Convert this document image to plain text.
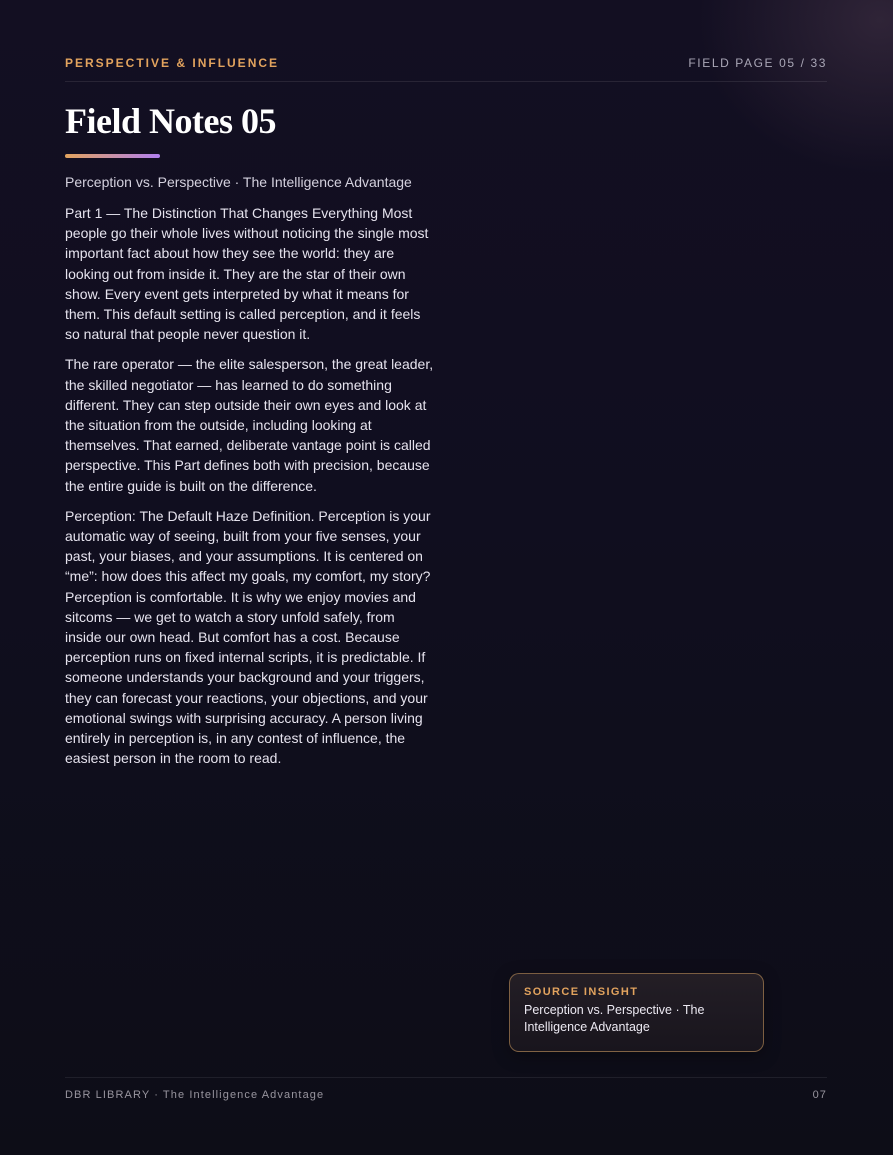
PERSPECTIVE & INFLUENCE	FIELD PAGE 05 / 33
Field Notes 05
Perception vs. Perspective · The Intelligence Advantage

Part 1 — The Distinction That Changes Everything Most people go their whole lives without noticing the single most important fact about how they see the world: they are looking out from inside it. They are the star of their own show. Every event gets interpreted by what it means for them. This default setting is called perception, and it feels so natural that people never question it.

The rare operator — the elite salesperson, the great leader, the skilled negotiator — has learned to do something different. They can step outside their own eyes and look at the situation from the outside, including looking at themselves. That earned, deliberate vantage point is called perspective. This Part defines both with precision, because the entire guide is built on the difference.

Perception: The Default Haze Definition. Perception is your automatic way of seeing, built from your five senses, your past, your biases, and your assumptions. It is centered on “me”: how does this affect my goals, my comfort, my story? Perception is comfortable. It is why we enjoy movies and sitcoms — we get to watch a story unfold safely, from inside our own head. But comfort has a cost. Because perception runs on fixed internal scripts, it is predictable. If someone understands your background and your triggers, they can forecast your reactions, your objections, and your emotional swings with surprising accuracy. A person living entirely in perception is, in any contest of influence, the easiest person in the room to read.

SOURCE INSIGHT
Perception vs. Perspective · The Intelligence Advantage
DBR LIBRARY · The Intelligence Advantage	07
